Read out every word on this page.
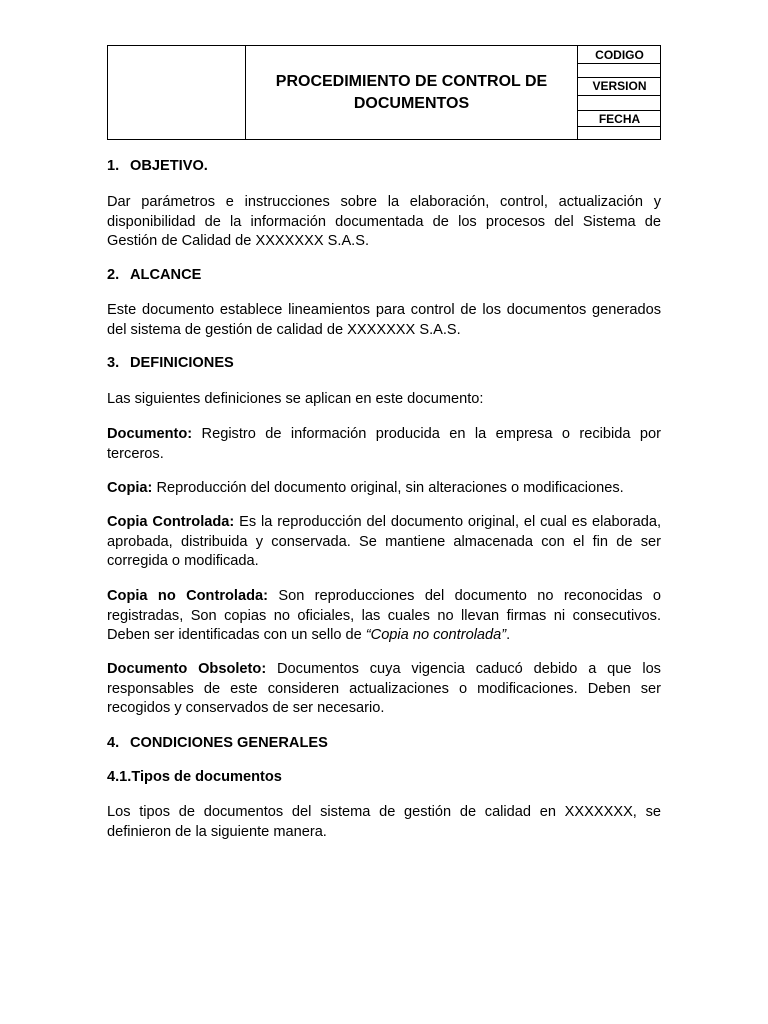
PROCEDIMIENTO DE CONTROL DE
DOCUMENTOS
CODIGO
VERSION
FECHA
1. OBJETIVO.

Dar parámetros e instrucciones sobre la elaboración, control, actualización y disponibilidad de la información documentada de los procesos del Sistema de Gestión de Calidad de XXXXXXX S.A.S.

2. ALCANCE

Este documento establece lineamientos para control de los documentos generados del sistema de gestión de calidad de XXXXXXX S.A.S.

3. DEFINICIONES

Las siguientes definiciones se aplican en este documento:

Documento: Registro de información producida en la empresa o recibida por terceros.

Copia: Reproducción del documento original, sin alteraciones o modificaciones.

Copia Controlada: Es la reproducción del documento original, el cual es elaborada, aprobada, distribuida y conservada. Se mantiene almacenada con el fin de ser corregida o modificada.

Copia no Controlada: Son reproducciones del documento no reconocidas o registradas, Son copias no oficiales, las cuales no llevan firmas ni consecutivos. Deben ser identificadas con un sello de “Copia no controlada”.

Documento Obsoleto: Documentos cuya vigencia caducó debido a que los responsables de este consideren actualizaciones o modificaciones. Deben ser recogidos y conservados de ser necesario.

4. CONDICIONES GENERALES
4.1.Tipos de documentos

Los tipos de documentos del sistema de gestión de calidad en XXXXXXX, se definieron de la siguiente manera.
